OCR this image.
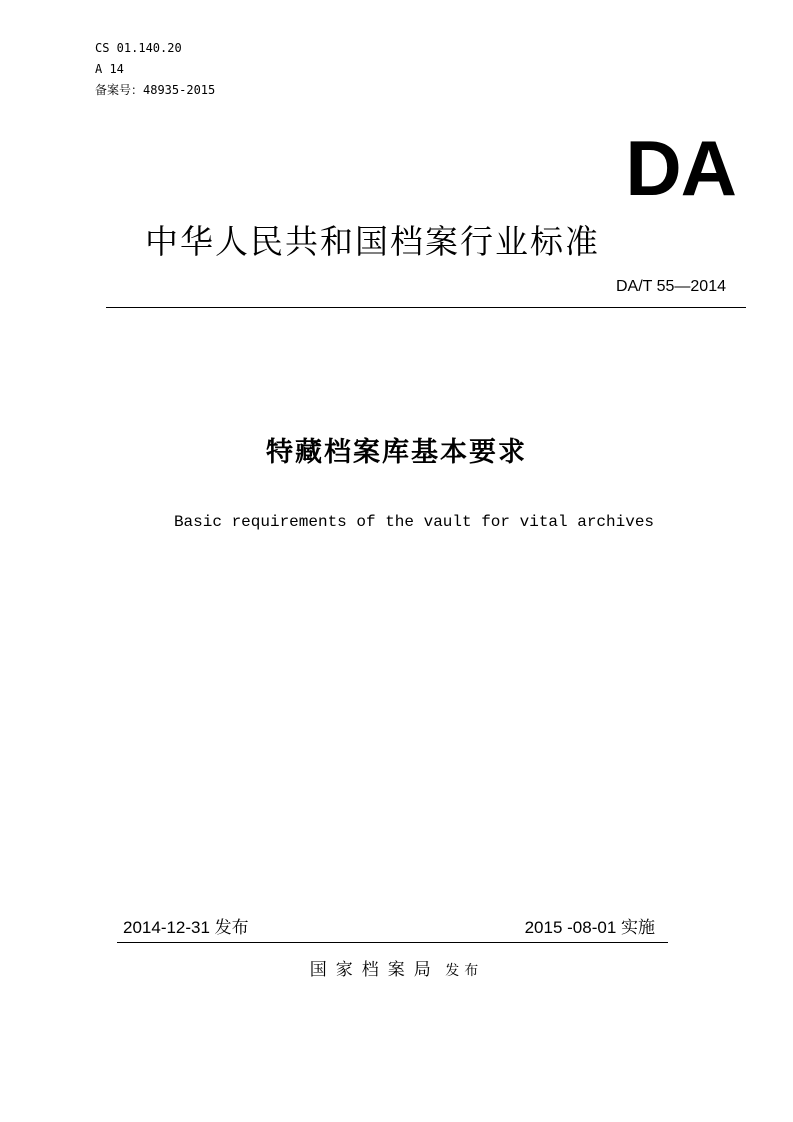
CS 01.140.20
A 14
备案号：48935-2015
DA
中华人民共和国档案行业标准
DA/T 55—2014
特藏档案库基本要求
Basic requirements of the vault for vital archives
2014-12-31 发布	2015 -08-01 实施
国家档案局 发布
